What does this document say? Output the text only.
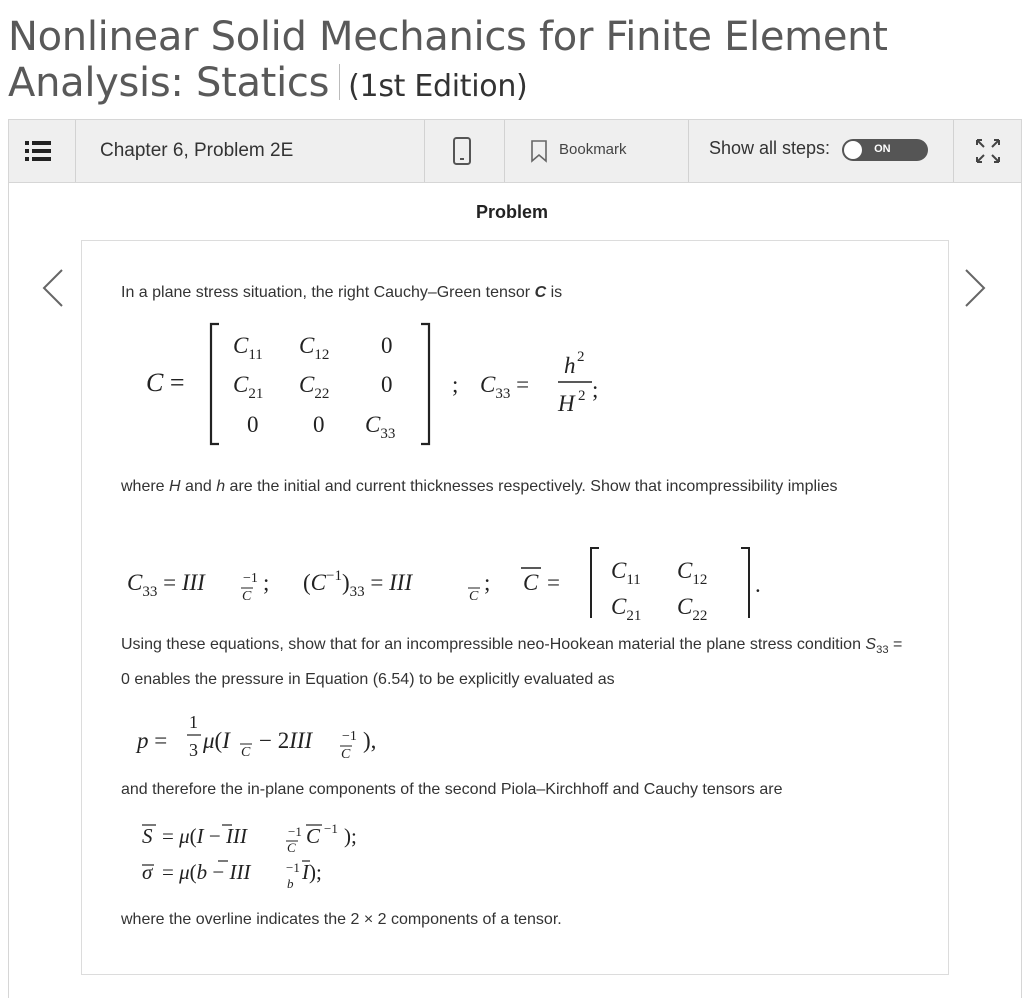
Nonlinear Solid Mechanics for Finite Element
Analysis: Statics (1st Edition)
Chapter 6, Problem 2E	Bookmark	Show all steps:	ON
Problem
In a plane stress situation, the right Cauchy–Green tensor C is
C =
$C_{11}$ $C_{12}$ 0
$C_{21}$ $C_{22}$ 0
0 0 $C_{33}$
; $C_{33}$ =
h 2
H 2 ;
where H and h are the initial and current thicknesses respectively. Show that incompressibility implies
$C_{33}$ = III	−1
C
; $(C^{-1})_{33}$ = III
C
; $C = C_{11}$ $C_{12}$
$C_{21}$ $C_{22}$
.
Using these equations, show that for an incompressible neo-Hookean material the plane stress condition $S_{33} = 0$ enables the pressure in Equation (6.54) to be explicitly evaluated as
p =
1
3 μ(I C − 2III −1
C
),
and therefore the in-plane components of the second Piola–Kirchhoff and Cauchy tensors are
S = μ(I − III	−1
C C −1 );
σ = μ(b − III	−1
b I);
where the overline indicates the 2 × 2 components of a tensor.
